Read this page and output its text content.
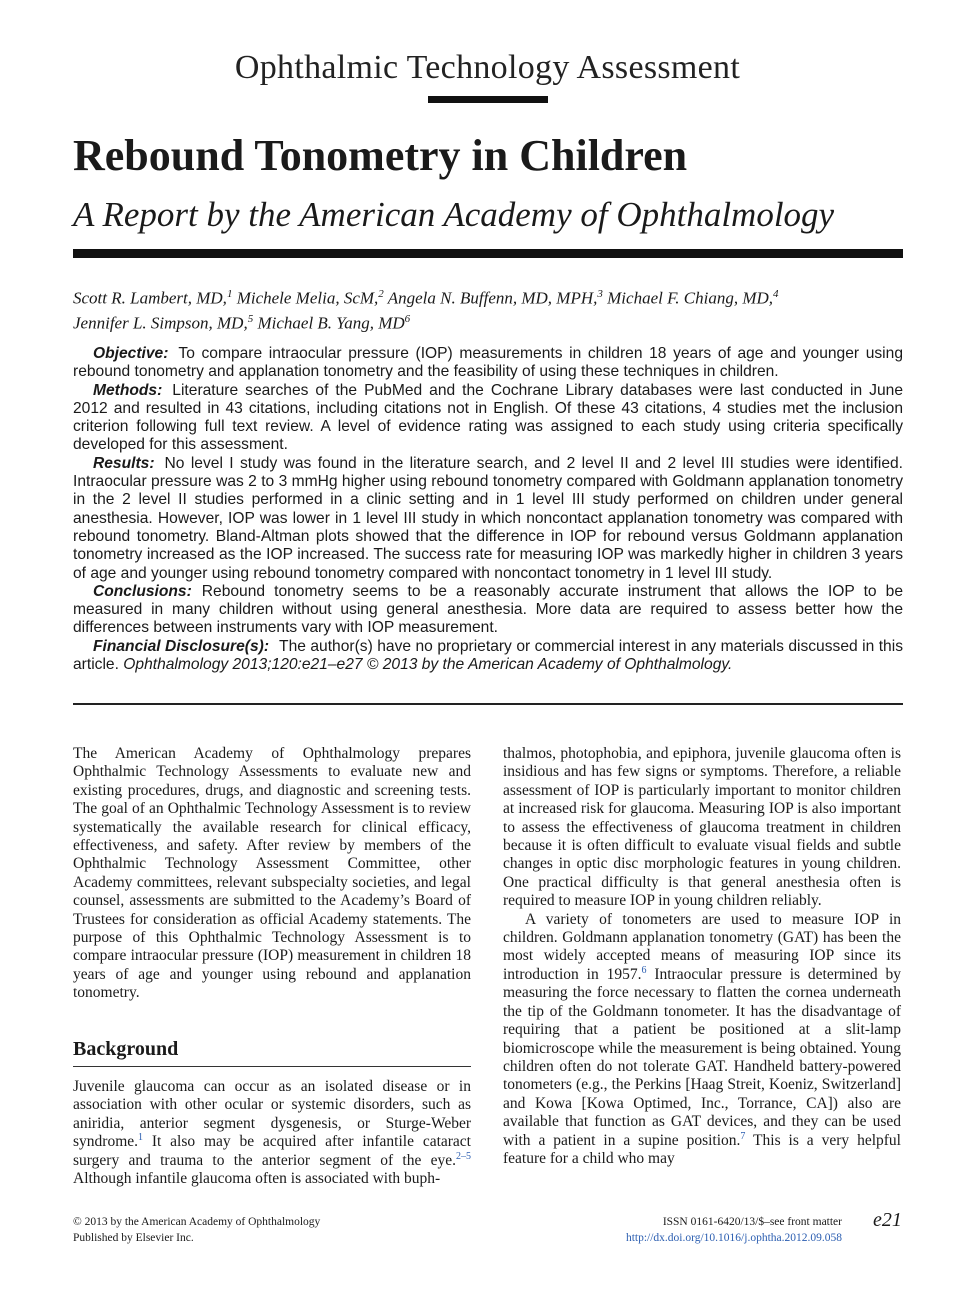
Ophthalmic Technology Assessment
Rebound Tonometry in Children
A Report by the American Academy of Ophthalmology
Scott R. Lambert, MD,$^1$ Michele Melia, ScM,$^2$ Angela N. Buffenn, MD, MPH,$^3$ Michael F. Chiang, MD,$^4$
Jennifer L. Simpson, MD,$^5$ Michael B. Yang, $MD^6$

Objective: To compare intraocular pressure (IOP) measurements in children 18 years of age and younger using rebound tonometry and applanation tonometry and the feasibility of using these techniques in children.

Methods: Literature searches of the PubMed and the Cochrane Library databases were last conducted in June 2012 and resulted in 43 citations, including citations not in English. Of these 43 citations, 4 studies met the inclusion criterion following full text review. A level of evidence rating was assigned to each study using criteria specifically developed for this assessment.

Results: No level I study was found in the literature search, and 2 level II and 2 level III studies were identified. Intraocular pressure was 2 to 3 mmHg higher using rebound tonometry compared with Goldmann applanation tonometry in the 2 level II studies performed in a clinic setting and in 1 level III study performed on children under general anesthesia. However, IOP was lower in 1 level III study in which noncontact applanation tonometry was compared with rebound tonometry. Bland-Altman plots showed that the difference in IOP for rebound versus Goldmann applanation tonometry increased as the IOP increased. The success rate for measuring IOP was markedly higher in children 3 years of age and younger using rebound tonometry compared with noncontact tonometry in 1 level III study.

Conclusions: Rebound tonometry seems to be a reasonably accurate instrument that allows the IOP to be measured in many children without using general anesthesia. More data are required to assess better how the differences between instruments vary with IOP measurement.

Financial Disclosure(s): The author(s) have no proprietary or commercial interest in any materials discussed in this article. Ophthalmology 2013;120:e21–e27 © 2013 by the American Academy of Ophthalmology.

The American Academy of Ophthalmology prepares Ophthalmic Technology Assessments to evaluate new and existing procedures, drugs, and diagnostic and screening tests. The goal of an Ophthalmic Technology Assessment is to review systematically the available research for clinical efficacy, effectiveness, and safety. After review by members of the Ophthalmic Technology Assessment Committee, other Academy committees, relevant subspecialty societies, and legal counsel, assessments are submitted to the Academy’s Board of Trustees for consideration as official Academy statements. The purpose of this Ophthalmic Technology Assessment is to compare intraocular pressure (IOP) measurement in children 18 years of age and younger using rebound and applanation tonometry.

Background

Juvenile glaucoma can occur as an isolated disease or in association with other ocular or systemic disorders, such as aniridia, anterior segment dysgenesis, or Sturge-Weber syndrome.$^1$ It also may be acquired after infantile cataract surgery and trauma to the anterior segment of the eye.$^{2-5}$ Although infantile glaucoma often is associated with buph-

thalmos, photophobia, and epiphora, juvenile glaucoma often is insidious and has few signs or symptoms. Therefore, a reliable assessment of IOP is particularly important to monitor children at increased risk for glaucoma. Measuring IOP is also important to assess the effectiveness of glaucoma treatment in children because it is often difficult to evaluate visual fields and subtle changes in optic disc morphologic features in young children. One practical difficulty is that general anesthesia often is required to measure IOP in young children reliably.

A variety of tonometers are used to measure IOP in children. Goldmann applanation tonometry (GAT) has been the most widely accepted means of measuring IOP since its introduction in 1957.$^6$ Intraocular pressure is determined by measuring the force necessary to flatten the cornea underneath the tip of the Goldmann tonometer. It has the disadvantage of requiring that a patient be positioned at a slit-lamp biomicroscope while the measurement is being obtained. Young children often do not tolerate GAT. Handheld battery-powered tonometers (e.g., the Perkins [Haag Streit, Koeniz, Switzerland] and Kowa [Kowa Optimed, Inc., Torrance, CA]) also are available that function as GAT devices, and they can be used with a patient in a supine position.$^7$ This is a very helpful feature for a child who may

© 2013 by the American Academy of Ophthalmology
Published by Elsevier Inc.
ISSN 0161-6420/13/$–see front matter
http://dx.doi.org/10.1016/j.ophtha.2012.09.058
e21
